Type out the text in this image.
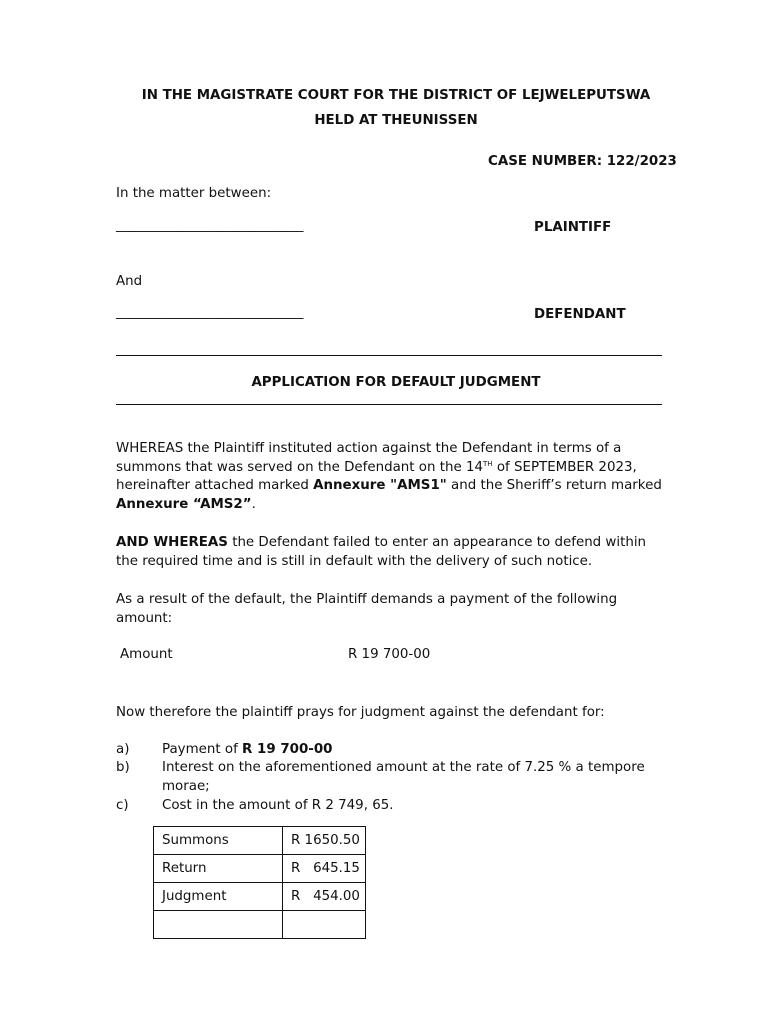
IN THE MAGISTRATE COURT FOR THE DISTRICT OF LEJWELEPUTSWA
HELD AT THEUNISSEN
CASE NUMBER: 122/2023
In the matter between:
____________________________	PLAINTIFF
And
____________________________	DEFENDANT
APPLICATION FOR DEFAULT JUDGMENT
WHEREAS the Plaintiff instituted action against the Defendant in terms of a
summons that was served on the Defendant on the 14TH of SEPTEMBER 2023,
hereinafter attached marked Annexure "AMS1" and the Sheriff’s return marked
Annexure “AMS2”.
AND WHEREAS the Defendant failed to enter an appearance to defend within
the required time and is still in default with the delivery of such notice.
As a result of the default, the Plaintiff demands a payment of the following
amount:
Amount	R 19 700-00
Now therefore the plaintiff prays for judgment against the defendant for:
a) Payment of R 19 700-00
b) Interest on the aforementioned amount at the rate of 7.25 % a tempore
morae;
c) Cost in the amount of R 2 749, 65.
Summons	R 1650.50
Return	R   645.15
Judgment	R   454.00
